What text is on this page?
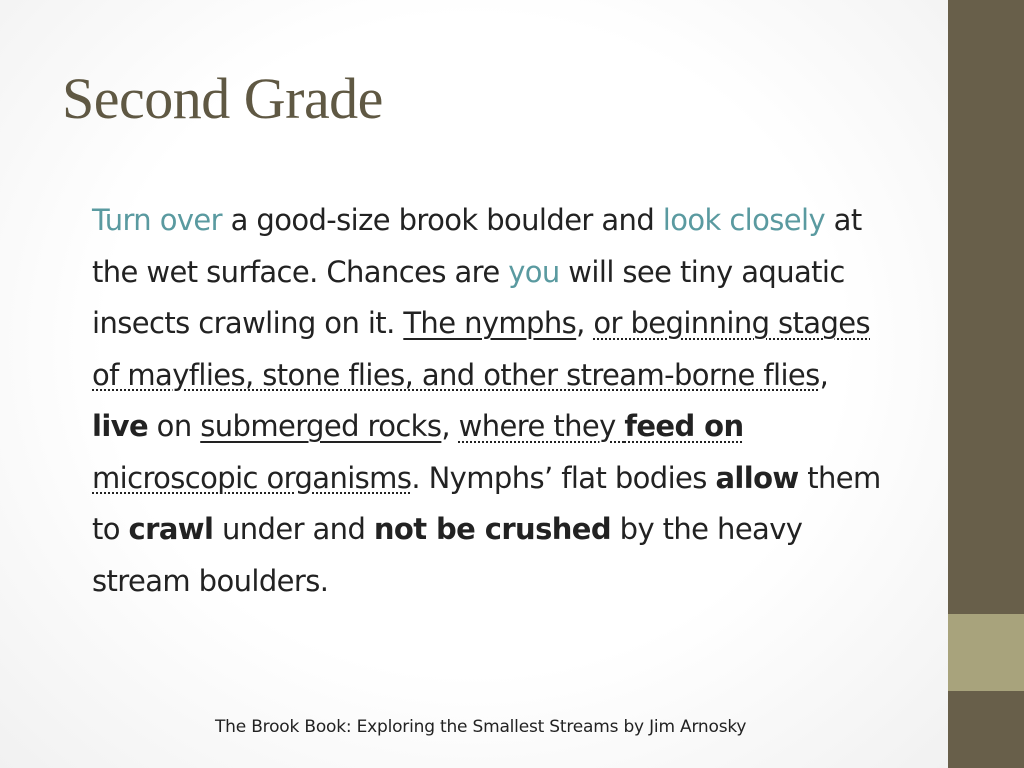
Second Grade

Turn over a good-size brook boulder and look closely at the wet surface. Chances are you will see tiny aquatic insects crawling on it. The nymphs, or beginning stages of mayflies, stone flies, and other stream-borne flies, live on submerged rocks, where they feed on microscopic organisms. Nymphs’ flat bodies allow them to crawl under and not be crushed by the heavy stream boulders.

The Brook Book: Exploring the Smallest Streams by Jim Arnosky
